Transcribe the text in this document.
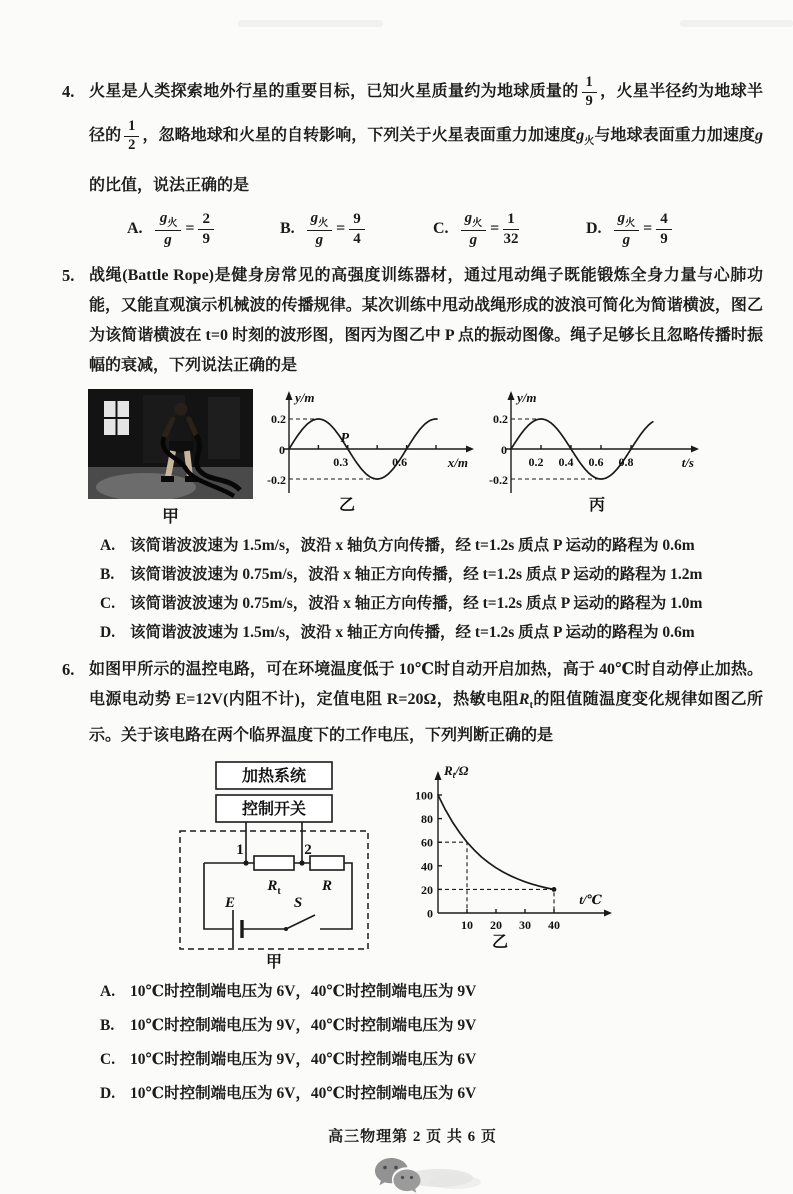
4. 火星是人类探索地外行星的重要目标，已知火星质量约为地球质量的 $\frac{1}{9}$ ，火星半径约为地球半径的 $\frac{1}{2}$ ，忽略地球和火星的自转影响，下列关于火星表面重力加速度$g_火$与地球表面重力加速度g的比值，说法正确的是

A.
  $\frac{g_火}{g} = \frac{2}{9}$	B. $\frac{g_火}{g} = \frac{9}{4}$	C. $\frac{g_火}{g} = \frac{1}{32}$	D. $\frac{g_火}{g} = \frac{4}{9}$
5. 战绳(Battle Rope)是健身房常见的高强度训练器材，通过甩动绳子既能锻炼全身力量与心肺功能，又能直观演示机械波的传播规律。某次训练中甩动战绳形成的波浪可简化为简谐横波，图乙为该简谐横波在 t=0 时刻的波形图，图丙为图乙中 P 点的振动图像。绳子足够长且忽略传播时振幅的衰减，下列说法正确的是

甲
0.3	0.6
0.2
0
-0.2
y/m
x/m
P
乙
0.2 0.4 0.6 0.8
0.2
0
-0.2
y/m
t/s
丙
A. 该简谐波波速为 1.5m/s，波沿 x 轴负方向传播，经 t=1.2s 质点 P 运动的路程为 0.6m
B.	该简谐波波速为 0.75m/s，波沿 x 轴正方向传播，经 t=1.2s 质点 P 运动的路程为 1.2m
C. 该简谐波波速为 0.75m/s，波沿 x 轴正方向传播，经 t=1.2s 质点 P 运动的路程为 1.0m
D. 该简谐波波速为 1.5m/s，波沿 x 轴正方向传播，经 t=1.2s 质点 P 运动的路程为 0.6m
6. 如图甲所示的温控电路，可在环境温度低于 10℃时自动开启加热，高于 40℃时自动停止加热。电源电动势 E=12V(内阻不计)，定值电阻 R=20Ω，热敏电阻$R_t$的阻值随温度变化规律如图乙所示。关于该电路在两个临界温度下的工作电压，下列判断正确的是

加热系统
控制开关
1	2
$R_t$	R
E	S
甲
0
20
40
60
80
100
10 20 30 40
$R_t/\Omega$
t/℃
乙
A. 10℃时控制端电压为 6V，40℃时控制端电压为 9V
B.	10℃时控制端电压为 9V，40℃时控制端电压为 9V
C. 10℃时控制端电压为 9V，40℃时控制端电压为 6V
D. 10℃时控制端电压为 6V，40℃时控制端电压为 6V
高三物理第 2 页 共 6 页
